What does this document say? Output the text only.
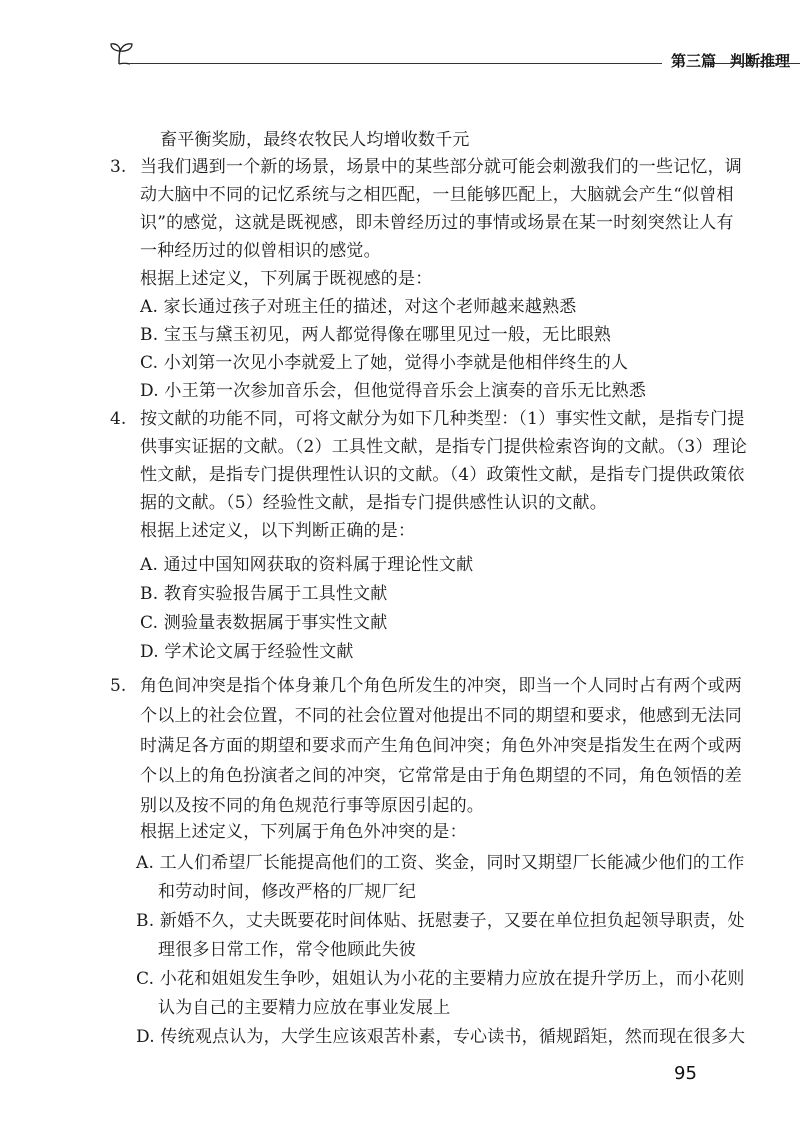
第三篇 判断推理
畜平衡奖励，最终农牧民人均增收数千元
3. 当我们遇到一个新的场景，场景中的某些部分就可能会刺激我们的一些记忆，调
动大脑中不同的记忆系统与之相匹配，一旦能够匹配上，大脑就会产生“似曾相
识”的感觉，这就是既视感，即未曾经历过的事情或场景在某一时刻突然让人有
一种经历过的似曾相识的感觉。
根据上述定义，下列属于既视感的是：
A. 家长通过孩子对班主任的描述，对这个老师越来越熟悉
B. 宝玉与黛玉初见，两人都觉得像在哪里见过一般，无比眼熟
C. 小刘第一次见小李就爱上了她，觉得小李就是他相伴终生的人
D. 小王第一次参加音乐会，但他觉得音乐会上演奏的音乐无比熟悉
4. 按文献的功能不同，可将文献分为如下几种类型：（1）事实性文献，是指专门提
供事实证据的文献。（2）工具性文献，是指专门提供检索咨询的文献。（3）理论
性文献，是指专门提供理性认识的文献。（4）政策性文献，是指专门提供政策依
据的文献。（5）经验性文献，是指专门提供感性认识的文献。
根据上述定义，以下判断正确的是：
A. 通过中国知网获取的资料属于理论性文献
B. 教育实验报告属于工具性文献
C. 测验量表数据属于事实性文献
D. 学术论文属于经验性文献
5. 角色间冲突是指个体身兼几个角色所发生的冲突，即当一个人同时占有两个或两
个以上的社会位置，不同的社会位置对他提出不同的期望和要求，他感到无法同
时满足各方面的期望和要求而产生角色间冲突；角色外冲突是指发生在两个或两
个以上的角色扮演者之间的冲突，它常常是由于角色期望的不同，角色领悟的差
别以及按不同的角色规范行事等原因引起的。
根据上述定义，下列属于角色外冲突的是：
A. 工人们希望厂长能提高他们的工资、奖金，同时又期望厂长能减少他们的工作
和劳动时间，修改严格的厂规厂纪
B. 新婚不久，丈夫既要花时间体贴、抚慰妻子，又要在单位担负起领导职责，处
理很多日常工作，常令他顾此失彼
C. 小花和姐姐发生争吵，姐姐认为小花的主要精力应放在提升学历上，而小花则
认为自己的主要精力应放在事业发展上
D. 传统观点认为，大学生应该艰苦朴素，专心读书，循规蹈矩，然而现在很多大
95
